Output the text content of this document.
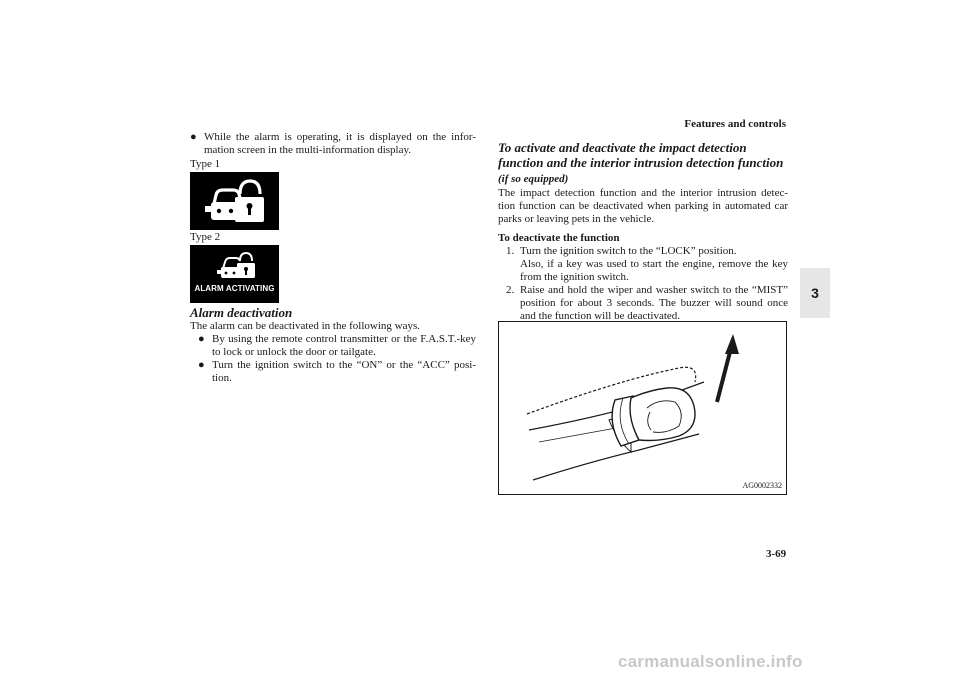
Features and controls
3
● While the alarm is operating, it is displayed on the infor-mation screen in the multi-information display.
Type 1
Type 2
ALARM ACTIVATING
Alarm deactivation
The alarm can be deactivated in the following ways.
● By using the remote control transmitter or the F.A.S.T.-key to lock or unlock the door or tailgate.
● Turn the ignition switch to the “ON” or the “ACC” posi-tion.
To activate and deactivate the impact detection function and the interior intrusion detection function (if so equipped)
The impact detection function and the interior intrusion detec-tion function can be deactivated when parking in automated car parks or leaving pets in the vehicle.
To deactivate the function
1. Turn the ignition switch to the “LOCK” position.
Also, if a key was used to start the engine, remove the key from the ignition switch.
2. Raise and hold the wiper and washer switch to the “MIST” position for about 3 seconds. The buzzer will sound once and the function will be deactivated.
AG0002332
3-69
carmanualsonline.info
